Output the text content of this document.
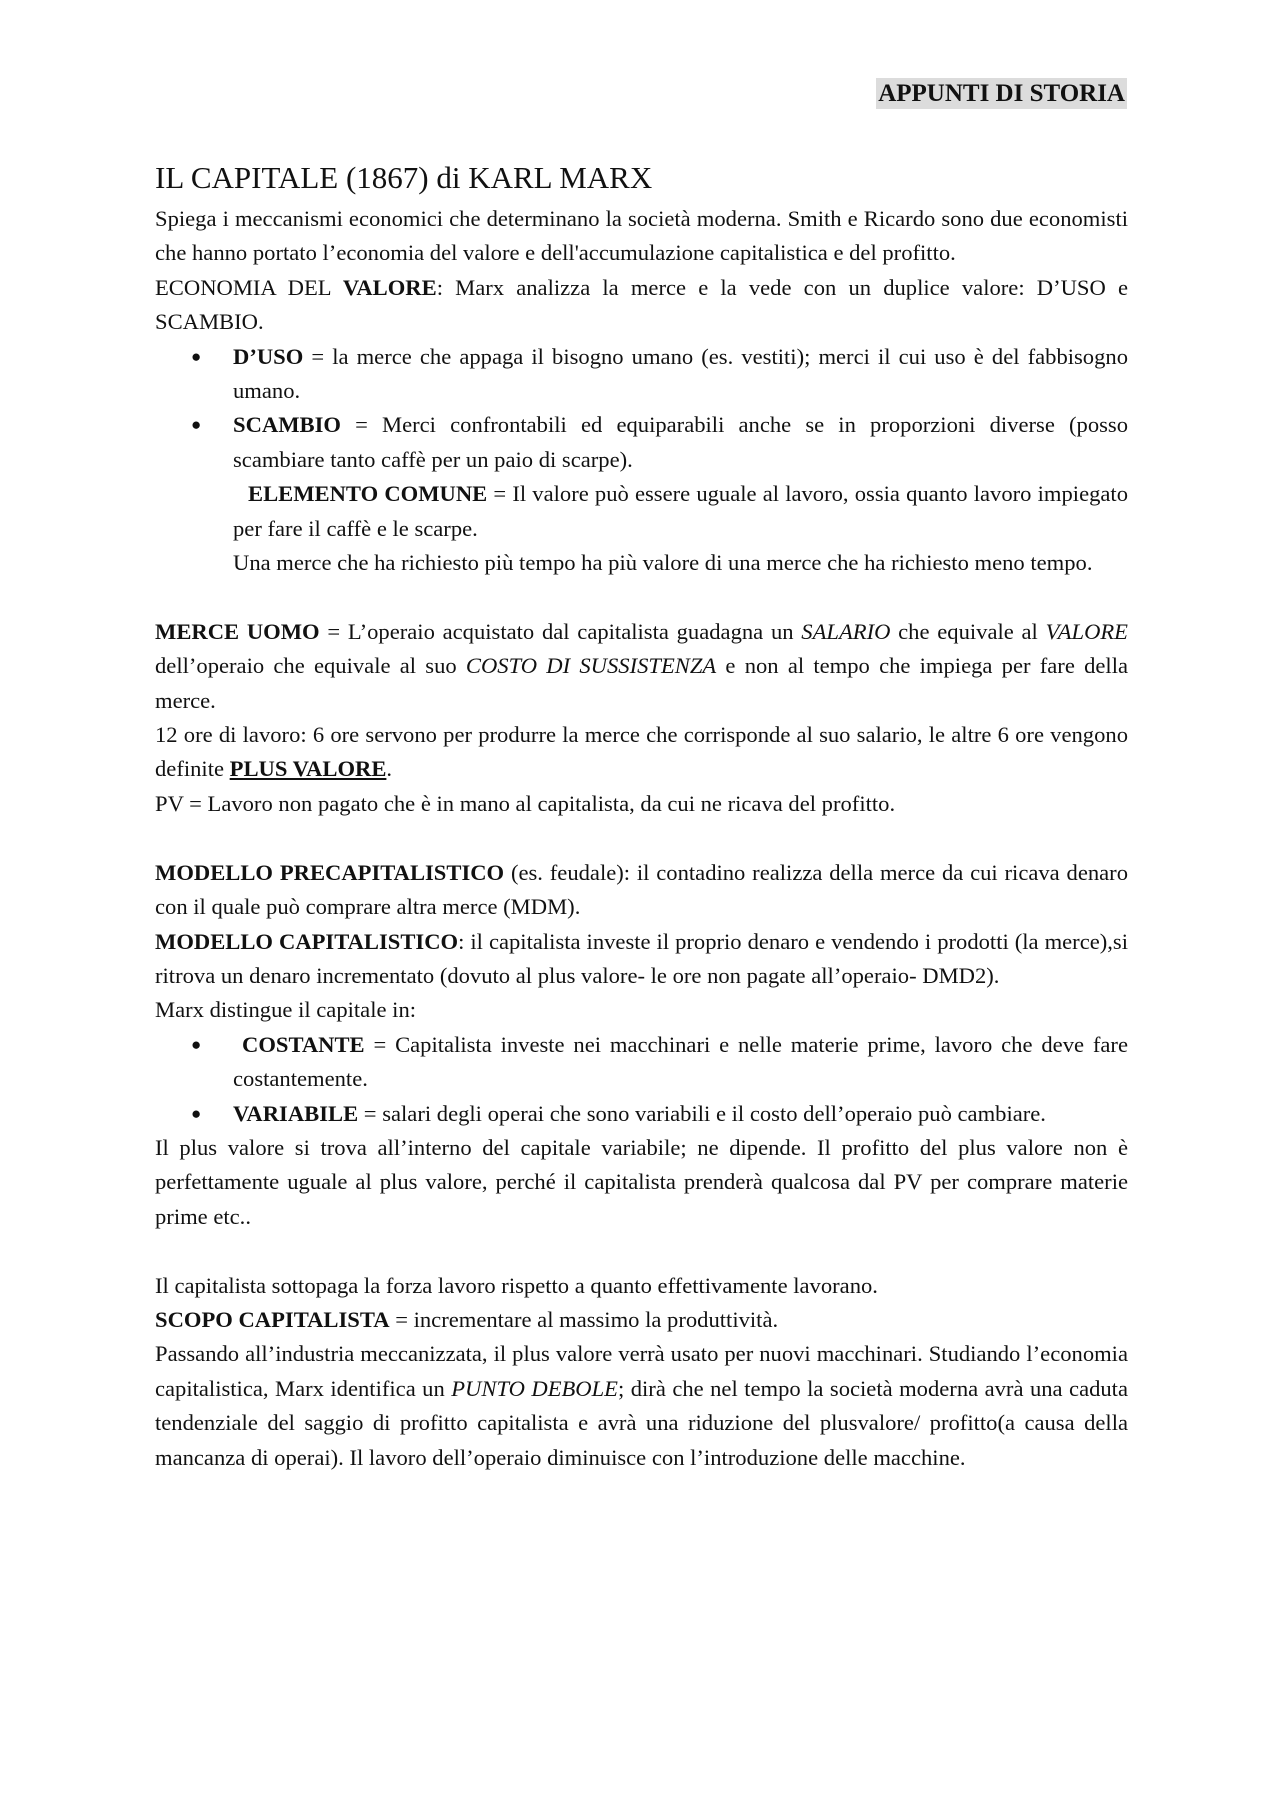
APPUNTI DI STORIA
IL CAPITALE (1867) di KARL MARX

Spiega i meccanismi economici che determinano la società moderna. Smith e Ricardo sono due economisti che hanno portato l’economia del valore e dell'accumulazione capitalistica e del profitto.

ECONOMIA DEL VALORE: Marx analizza la merce e la vede con un duplice valore: D’USO e SCAMBIO.

● D’USO = la merce che appaga il bisogno umano (es. vestiti); merci il cui uso è del fabbisogno umano.
● SCAMBIO = Merci confrontabili ed equiparabili anche se in proporzioni diverse (posso scambiare tanto caffè per un paio di scarpe).

ELEMENTO COMUNE = Il valore può essere uguale al lavoro, ossia quanto lavoro impiegato per fare il caffè e le scarpe.

Una merce che ha richiesto più tempo ha più valore di una merce che ha richiesto meno tempo.

MERCE UOMO = L’operaio acquistato dal capitalista guadagna un SALARIO che equivale al VALORE dell’operaio che equivale al suo COSTO DI SUSSISTENZA e non al tempo che impiega per fare della merce.

12 ore di lavoro: 6 ore servono per produrre la merce che corrisponde al suo salario, le altre 6 ore vengono definite PLUS VALORE.

PV = Lavoro non pagato che è in mano al capitalista, da cui ne ricava del profitto.

MODELLO PRECAPITALISTICO (es. feudale): il contadino realizza della merce da cui ricava denaro con il quale può comprare altra merce (MDM).

MODELLO CAPITALISTICO: il capitalista investe il proprio denaro e vendendo i prodotti (la merce),si ritrova un denaro incrementato (dovuto al plus valore- le ore non pagate all’operaio- DMD2).

Marx distingue il capitale in:

● COSTANTE = Capitalista investe nei macchinari e nelle materie prime, lavoro che deve fare costantemente.
● VARIABILE = salari degli operai che sono variabili e il costo dell’operaio può cambiare.

Il plus valore si trova all’interno del capitale variabile; ne dipende. Il profitto del plus valore non è perfettamente uguale al plus valore, perché il capitalista prenderà qualcosa dal PV per comprare materie prime etc..

Il capitalista sottopaga la forza lavoro rispetto a quanto effettivamente lavorano.

SCOPO CAPITALISTA = incrementare al massimo la produttività.

Passando all’industria meccanizzata, il plus valore verrà usato per nuovi macchinari. Studiando l’economia capitalistica, Marx identifica un PUNTO DEBOLE; dirà che nel tempo la società moderna avrà una caduta tendenziale del saggio di profitto capitalista e avrà una riduzione del plusvalore/ profitto(a causa della mancanza di operai). Il lavoro dell’operaio diminuisce con l’introduzione delle macchine.
